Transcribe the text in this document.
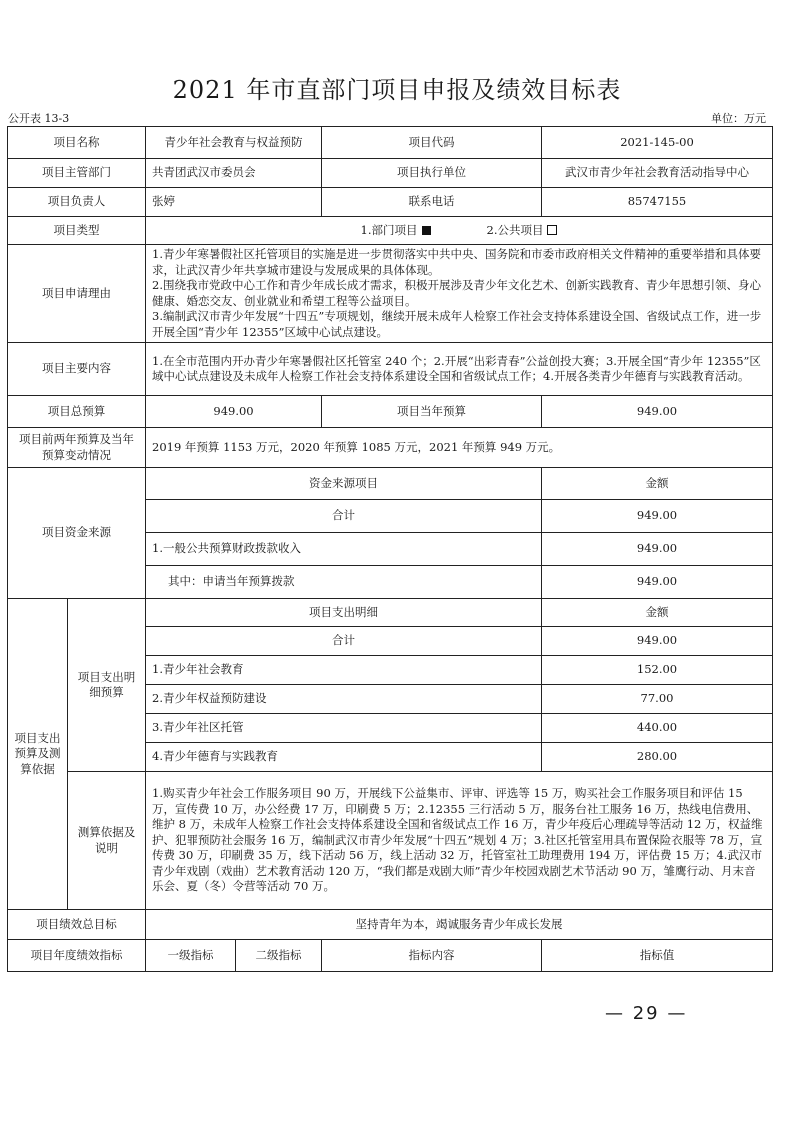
2021 年市直部门项目申报及绩效目标表
公开表 13-3	单位：万元
项目名称		青少年社会教育与权益预防		项目代码	2021-145-00
项目主管部门		共青团武汉市委员会		项目执行单位	武汉市青少年社会教育活动指导中心
项目负责人		张婷		联系电话	85747155
项目类型		1.部门项目 2.公共项目			
项目申请理由		1.青少年寒暑假社区托管项目的实施是进一步贯彻落实中共中央、国务院和市委市政府相关文件精神的重要举措和具体要求，让武汉青少年共享城市建设与发展成果的具体体现。
2.围绕我市党政中心工作和青少年成长成才需求，积极开展涉及青少年文化艺术、创新实践教育、青少年思想引领、身心健康、婚恋交友、创业就业和希望工程等公益项目。
3.编制武汉市青少年发展“十四五”专项规划，继续开展未成年人检察工作社会支持体系建设全国、省级试点工作，进一步开展全国“青少年 12355”区域中心试点建设。			

项目主要内容		1.在全市范围内开办青少年寒暑假社区托管室 240 个；2.开展“出彩青春”公益创投大赛；3.开展全国“青少年 12355”区域中心试点建设及未成年人检察工作社会支持体系建设全国和省级试点工作；4.开展各类青少年德育与实践教育活动。			
项目总预算		949.00		项目当年预算	949.00
项目前两年预算及当年预算变动情况		2019 年预算 1153 万元，2020 年预算 1085 万元，2021 年预算 949 万元。			
项目资金来源		资金来源项目			金额
		合计			949.00
		1.一般公共预算财政拨款收入			949.00
		其中：申请当年预算拨款			949.00
项目支出预算及测算依据	项目支出明细预算	项目支出明细			金额
		合计			949.00
		1.青少年社会教育			152.00
		2.青少年权益预防建设			77.00
		3.青少年社区托管			440.00
		4.青少年德育与实践教育			280.00
	测算依据及说明	1.购买青少年社会工作服务项目 90 万，开展线下公益集市、评审、评选等 15 万，购买社会工作服务项目和评估 15 万，宣传费 10 万，办公经费 17 万，印刷费 5 万；2.12355 三行活动 5 万，服务台社工服务 16 万，热线电信费用、维护 8 万，未成年人检察工作社会支持体系建设全国和省级试点工作 16 万，青少年疫后心理疏导等活动 12 万，权益维护、犯罪预防社会服务 16 万，编制武汉市青少年发展“十四五”规划 4 万；3.社区托管室用具布置保险衣服等 78 万，宣传费 30 万，印刷费 35 万，线下活动 56 万，线上活动 32 万，托管室社工助理费用 194 万，评估费 15 万；4.武汉市青少年戏剧（戏曲）艺术教育活动 120 万，“我们都是戏剧大师”青少年校园戏剧艺术节活动 90 万，雏鹰行动、月末音乐会、夏（冬）令营等活动 70 万。			
项目绩效总目标		坚持青年为本，竭诚服务青少年成长发展			
项目年度绩效指标		一级指标	二级指标	指标内容	指标值
— 29 —
